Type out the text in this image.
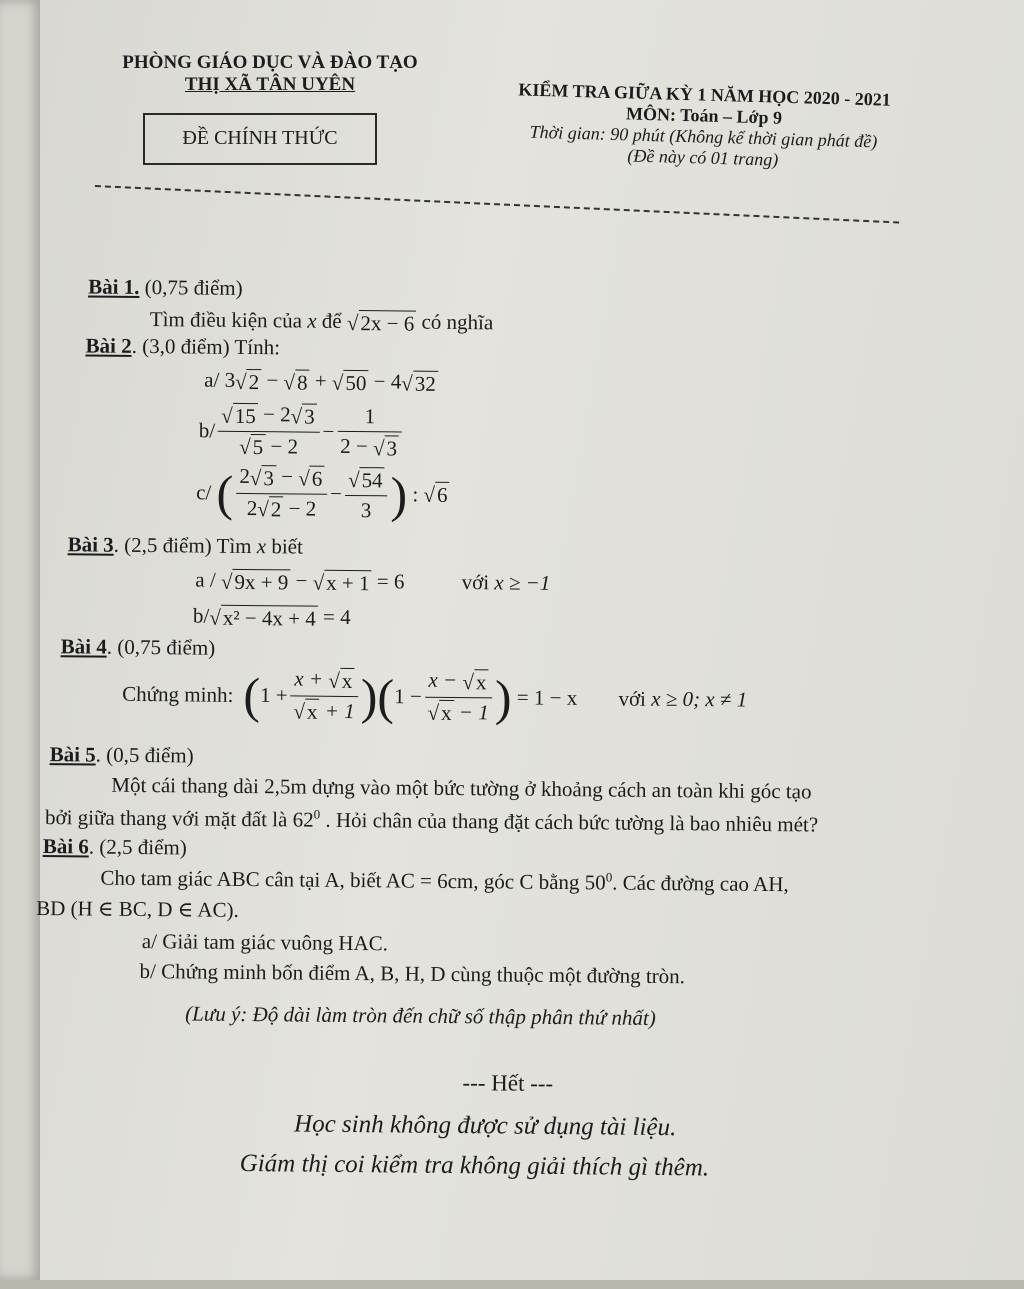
PHÒNG GIÁO DỤC VÀ ĐÀO TẠO
THỊ XÃ TÂN UYÊN
ĐỀ CHÍNH THỨC
KIỂM TRA GIỮA KỲ 1 NĂM HỌC 2020 - 2021
MÔN: Toán – Lớp 9
Thời gian: 90 phút (Không kể thời gian phát đề)
(Đề này có 01 trang)
Bài 1. (0,75 điểm)
Tìm điều kiện của x để √2x − 6 có nghĩa
Bài 2. (3,0 điểm) Tính:
a/ 3√2 − √8 + √50 − 4√32
$b/ \frac{√15 - 2√3}{√5 - 2} - \frac{1}{2 - √3}$
c/ ( $\frac{2√3 - √6}{2√2 - 2} - \frac{√54}{3}$ ) : √6
Bài 3. (2,5 điểm) Tìm x biết
a / √9x + 9 − √x + 1 = 6	với x ≥ −1
b/√x² − 4x + 4 = 4
Bài 4. (0,75 điểm)
Chứng minh: $(1 + \frac{x + √x}{√x + 1} )(1 - \frac{x - √x}{√x - 1}$ ) = 1 − x với x ≥ 0; x ≠ 1
Bài 5. (0,5 điểm)
Một cái thang dài 2,5m dựng vào một bức tường ở khoảng cách an toàn khi góc tạo
bởi giữa thang với mặt đất là $62^0$ . Hỏi chân của thang đặt cách bức tường là bao nhiêu mét?
Bài 6. (2,5 điểm)
Cho tam giác ABC cân tại A, biết AC = 6cm, góc C bằng $50^0$. Các đường cao AH,
BD (H ∈ BC, D ∈ AC).
a/ Giải tam giác vuông HAC.
b/ Chứng minh bốn điểm A, B, H, D cùng thuộc một đường tròn.
(Lưu ý: Độ dài làm tròn đến chữ số thập phân thứ nhất)
--- Hết ---
Học sinh không được sử dụng tài liệu.
Giám thị coi kiểm tra không giải thích gì thêm.
